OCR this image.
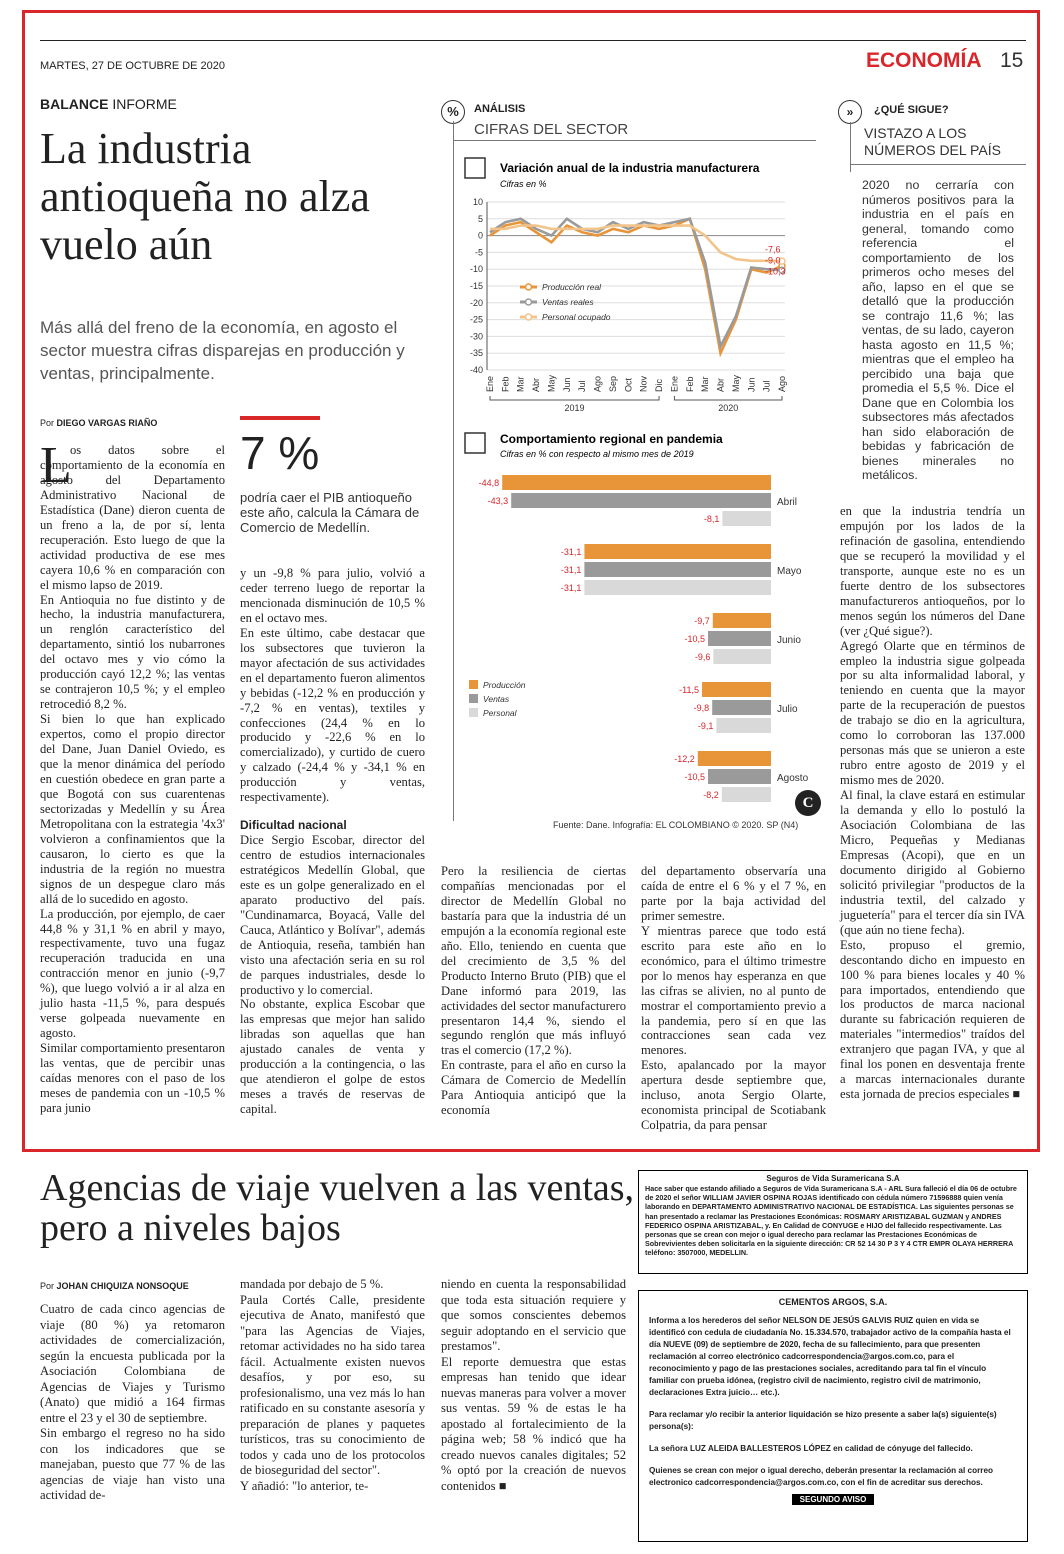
MARTES, 27 DE OCTUBRE DE 2020	ECONOMÍA 15
BALANCE INFORME
La industria antioqueña no alza vuelo aún
Más allá del freno de la economía, en agosto el sector muestra cifras disparejas en producción y ventas, principalmente.
Por DIEGO VARGAS RIAÑO
L
os datos sobre el comportamiento de la economía en agosto del Departamento Administrativo Nacional de Estadística (Dane) dieron cuenta de un freno a la, de por sí, lenta recuperación. Esto luego de que la actividad productiva de ese mes cayera 10,6 % en comparación con el mismo lapso de 2019.
En Antioquia no fue distinto y de hecho, la industria manufacturera, un renglón característico del departamento, sintió los nubarrones del octavo mes y vio cómo la producción cayó 12,2 %; las ventas se contrajeron 10,5 %; y el empleo retrocedió 8,2 %.
Si bien lo que han explicado expertos, como el propio director del Dane, Juan Daniel Oviedo, es que la menor dinámica del período en cuestión obedece en gran parte a que Bogotá con sus cuarentenas sectorizadas y Medellín y su Área Metropolitana con la estrategia '4x3' volvieron a confinamientos que la causaron, lo cierto es que la industria de la región no muestra signos de un despegue claro más allá de lo sucedido en agosto.
La producción, por ejemplo, de caer 44,8 % y 31,1 % en abril y mayo, respectivamente, tuvo una fugaz recuperación traducida en una contracción menor en junio (-9,7 %), que luego volvió a ir al alza en julio hasta -11,5 %, para después verse golpeada nuevamente en agosto.
Similar comportamiento presentaron las ventas, que de percibir unas caídas menores con el paso de los meses de pandemia con un -10,5 % para junio
7 %
podría caer el PIB antioqueño este año, calcula la Cámara de Comercio de Medellín.
y un -9,8 % para julio, volvió a ceder terreno luego de reportar la mencionada disminución de 10,5 % en el octavo mes.
En este último, cabe destacar que los subsectores que tuvieron la mayor afectación de sus actividades en el departamento fueron alimentos y bebidas (-12,2 % en producción y -7,2 % en ventas), textiles y confecciones (24,4 % en lo producido y -22,6 % en lo comercializado), y curtido de cuero y calzado (-24,4 % y -34,1 % en producción y ventas, respectivamente).
Dificultad nacional
Dice Sergio Escobar, director del centro de estudios internacionales estratégicos Medellín Global, que este es un golpe generalizado en el aparato productivo del país. "Cundinamarca, Boyacá, Valle del Cauca, Atlántico y Bolívar", además de Antioquia, reseña, también han visto una afectación seria en su rol de parques industriales, desde lo productivo y lo comercial.
No obstante, explica Escobar que las empresas que mejor han salido libradas son aquellas que han ajustado canales de venta y producción a la contingencia, o las que atendieron el golpe de estos meses a través de reservas de capital.
%	ANÁLISIS
CIFRAS DEL SECTOR
Variación anual de la industria manufacturera
Cifras en %
10
5
0
-5
-10
-15
-20
-25
-30
-35
-40
Ene Feb Mar Abr May Jun Jul Ago Sep Oct Nov Dic Ene Feb Mar Abr May Jun Jul Ago
2019	2020
-7,6
-9,0
-10,3
Producción real
Ventas reales
Personal ocupado
Comportamiento regional en pandemia
Cifras en % con respecto al mismo mes de 2019
-44,8
-43,3
-8,1
Abril
-31,1
-31,1
-31,1
Mayo
-9,7
-10,5
-9,6
Junio
-11,5
-9,8
-9,1
Julio
-12,2
-10,5
-8,2
Agosto
Producción
Ventas
Personal
C
Fuente: Dane. Infografía: EL COLOMBIANO © 2020. SP (N4)
»	¿QUÉ SIGUE?
VISTAZO A LOS NÚMEROS DEL PAÍS
2020 no cerraría con números positivos para la industria en el país en general, tomando como referencia el comportamiento de los primeros ocho meses del año, lapso en el que se detalló que la producción se contrajo 11,6 %; las ventas, de su lado, cayeron hasta agosto en 11,5 %; mientras que el empleo ha percibido una baja que promedia el 5,5 %. Dice el Dane que en Colombia los subsectores más afectados han sido elaboración de bebidas y fabricación de bienes minerales no metálicos.
Pero la resiliencia de ciertas compañías mencionadas por el director de Medellín Global no bastaría para que la industria dé un empujón a la economía regional este año. Ello, teniendo en cuenta que del crecimiento de 3,5 % del Producto Interno Bruto (PIB) que el Dane informó para 2019, las actividades del sector manufacturero presentaron 14,4 %, siendo el segundo renglón que más influyó tras el comercio (17,2 %).
En contraste, para el año en curso la Cámara de Comercio de Medellín Para Antioquia anticipó que la economía
del departamento observaría una caída de entre el 6 % y el 7 %, en parte por la baja actividad del primer semestre.
Y mientras parece que todo está escrito para este año en lo económico, para el último trimestre por lo menos hay esperanza en que las cifras se alivien, no al punto de mostrar el comportamiento previo a la pandemia, pero sí en que las contracciones sean cada vez menores.
Esto, apalancado por la mayor apertura desde septiembre que, incluso, anota Sergio Olarte, economista principal de Scotiabank Colpatria, da para pensar
en que la industria tendría un empujón por los lados de la refinación de gasolina, entendiendo que se recuperó la movilidad y el transporte, aunque este no es un fuerte dentro de los subsectores manufactureros antioqueños, por lo menos según los números del Dane (ver ¿Qué sigue?).
Agregó Olarte que en términos de empleo la industria sigue golpeada por su alta informalidad laboral, y teniendo en cuenta que la mayor parte de la recuperación de puestos de trabajo se dio en la agricultura, como lo corroboran las 137.000 personas más que se unieron a este rubro entre agosto de 2019 y el mismo mes de 2020.
Al final, la clave estará en estimular la demanda y ello lo postuló la Asociación Colombiana de las Micro, Pequeñas y Medianas Empresas (Acopi), que en un documento dirigido al Gobierno solicitó privilegiar "productos de la industria textil, del calzado y juguetería" para el tercer día sin IVA (que aún no tiene fecha).
Esto, propuso el gremio, descontando dicho en impuesto en 100 % para bienes locales y 40 % para importados, entendiendo que los productos de marca nacional durante su fabricación requieren de materiales "intermedios" traídos del extranjero que pagan IVA, y que al final los ponen en desventaja frente a marcas internacionales durante esta jornada de precios especiales ■
Agencias de viaje vuelven a las ventas, pero a niveles bajos
Por JOHAN CHIQUIZA NONSOQUE
Cuatro de cada cinco agencias de viaje (80 %) ya retomaron actividades de comercialización, según la encuesta publicada por la Asociación Colombiana de Agencias de Viajes y Turismo (Anato) que midió a 164 firmas entre el 23 y el 30 de septiembre.
Sin embargo el regreso no ha sido con los indicadores que se manejaban, puesto que 77 % de las agencias de viaje han visto una actividad de-
mandada por debajo de 5 %.
Paula Cortés Calle, presidente ejecutiva de Anato, manifestó que "para las Agencias de Viajes, retomar actividades no ha sido tarea fácil. Actualmente existen nuevos desafíos, y por eso, su profesionalismo, una vez más lo han ratificado en su constante asesoría y preparación de planes y paquetes turísticos, tras su conocimiento de todos y cada uno de los protocolos de bioseguridad del sector".
Y añadió: "lo anterior, te-
niendo en cuenta la responsabilidad que toda esta situación requiere y que somos conscientes debemos seguir adoptando en el servicio que prestamos".
El reporte demuestra que estas empresas han tenido que idear nuevas maneras para volver a mover sus ventas. 59 % de estas le ha apostado al fortalecimiento de la página web; 58 % indicó que ha creado nuevos canales digitales; 52 % optó por la creación de nuevos contenidos ■
Seguros de Vida Suramericana S.A
Hace saber que estando afiliado a Seguros de Vida Suramericana S.A - ARL Sura falleció el día 06 de octubre de 2020 el señor WILLIAM JAVIER OSPINA ROJAS identificado con cédula número 71596888 quien venía laborando en DEPARTAMENTO ADMINISTRATIVO NACIONAL DE ESTADÍSTICA. Las siguientes personas se han presentado a reclamar las Prestaciones Económicas: ROSMARY ARISTIZABAL GUZMAN y ANDRES FEDERICO OSPINA ARISTIZABAL, y. En Calidad de CONYUGE e HIJO del fallecido respectivamente. Las personas que se crean con mejor o igual derecho para reclamar las Prestaciones Económicas de Sobrevivientes deben solicitarla en la siguiente dirección: CR 52 14 30 P 3 Y 4 CTR EMPR OLAYA HERRERA teléfono: 3507000, MEDELLIN.
CEMENTOS ARGOS, S.A.
Informa a los herederos del señor NELSON DE JESÚS GALVIS RUIZ quien en vida se identificó con cedula de ciudadanía No. 15.334.570, trabajador activo de la compañía hasta el día NUEVE (09) de septiembre de 2020, fecha de su fallecimiento, para que presenten reclamación al correo electrónico cadcorrespondencia@argos.com.co, para el reconocimiento y pago de las prestaciones sociales, acreditando para tal fin el vínculo familiar con prueba idónea, (registro civil de nacimiento, registro civil de matrimonio, declaraciones Extra juicio… etc.).
Para reclamar y/o recibir la anterior liquidación se hizo presente a saber la(s) siguiente(s) persona(s):
La señora LUZ ALEIDA BALLESTEROS LÓPEZ en calidad de cónyuge del fallecido.
Quienes se crean con mejor o igual derecho, deberán presentar la reclamación al correo electronico cadcorrespondencia@argos.com.co, con el fin de acreditar sus derechos.
SEGUNDO AVISO
